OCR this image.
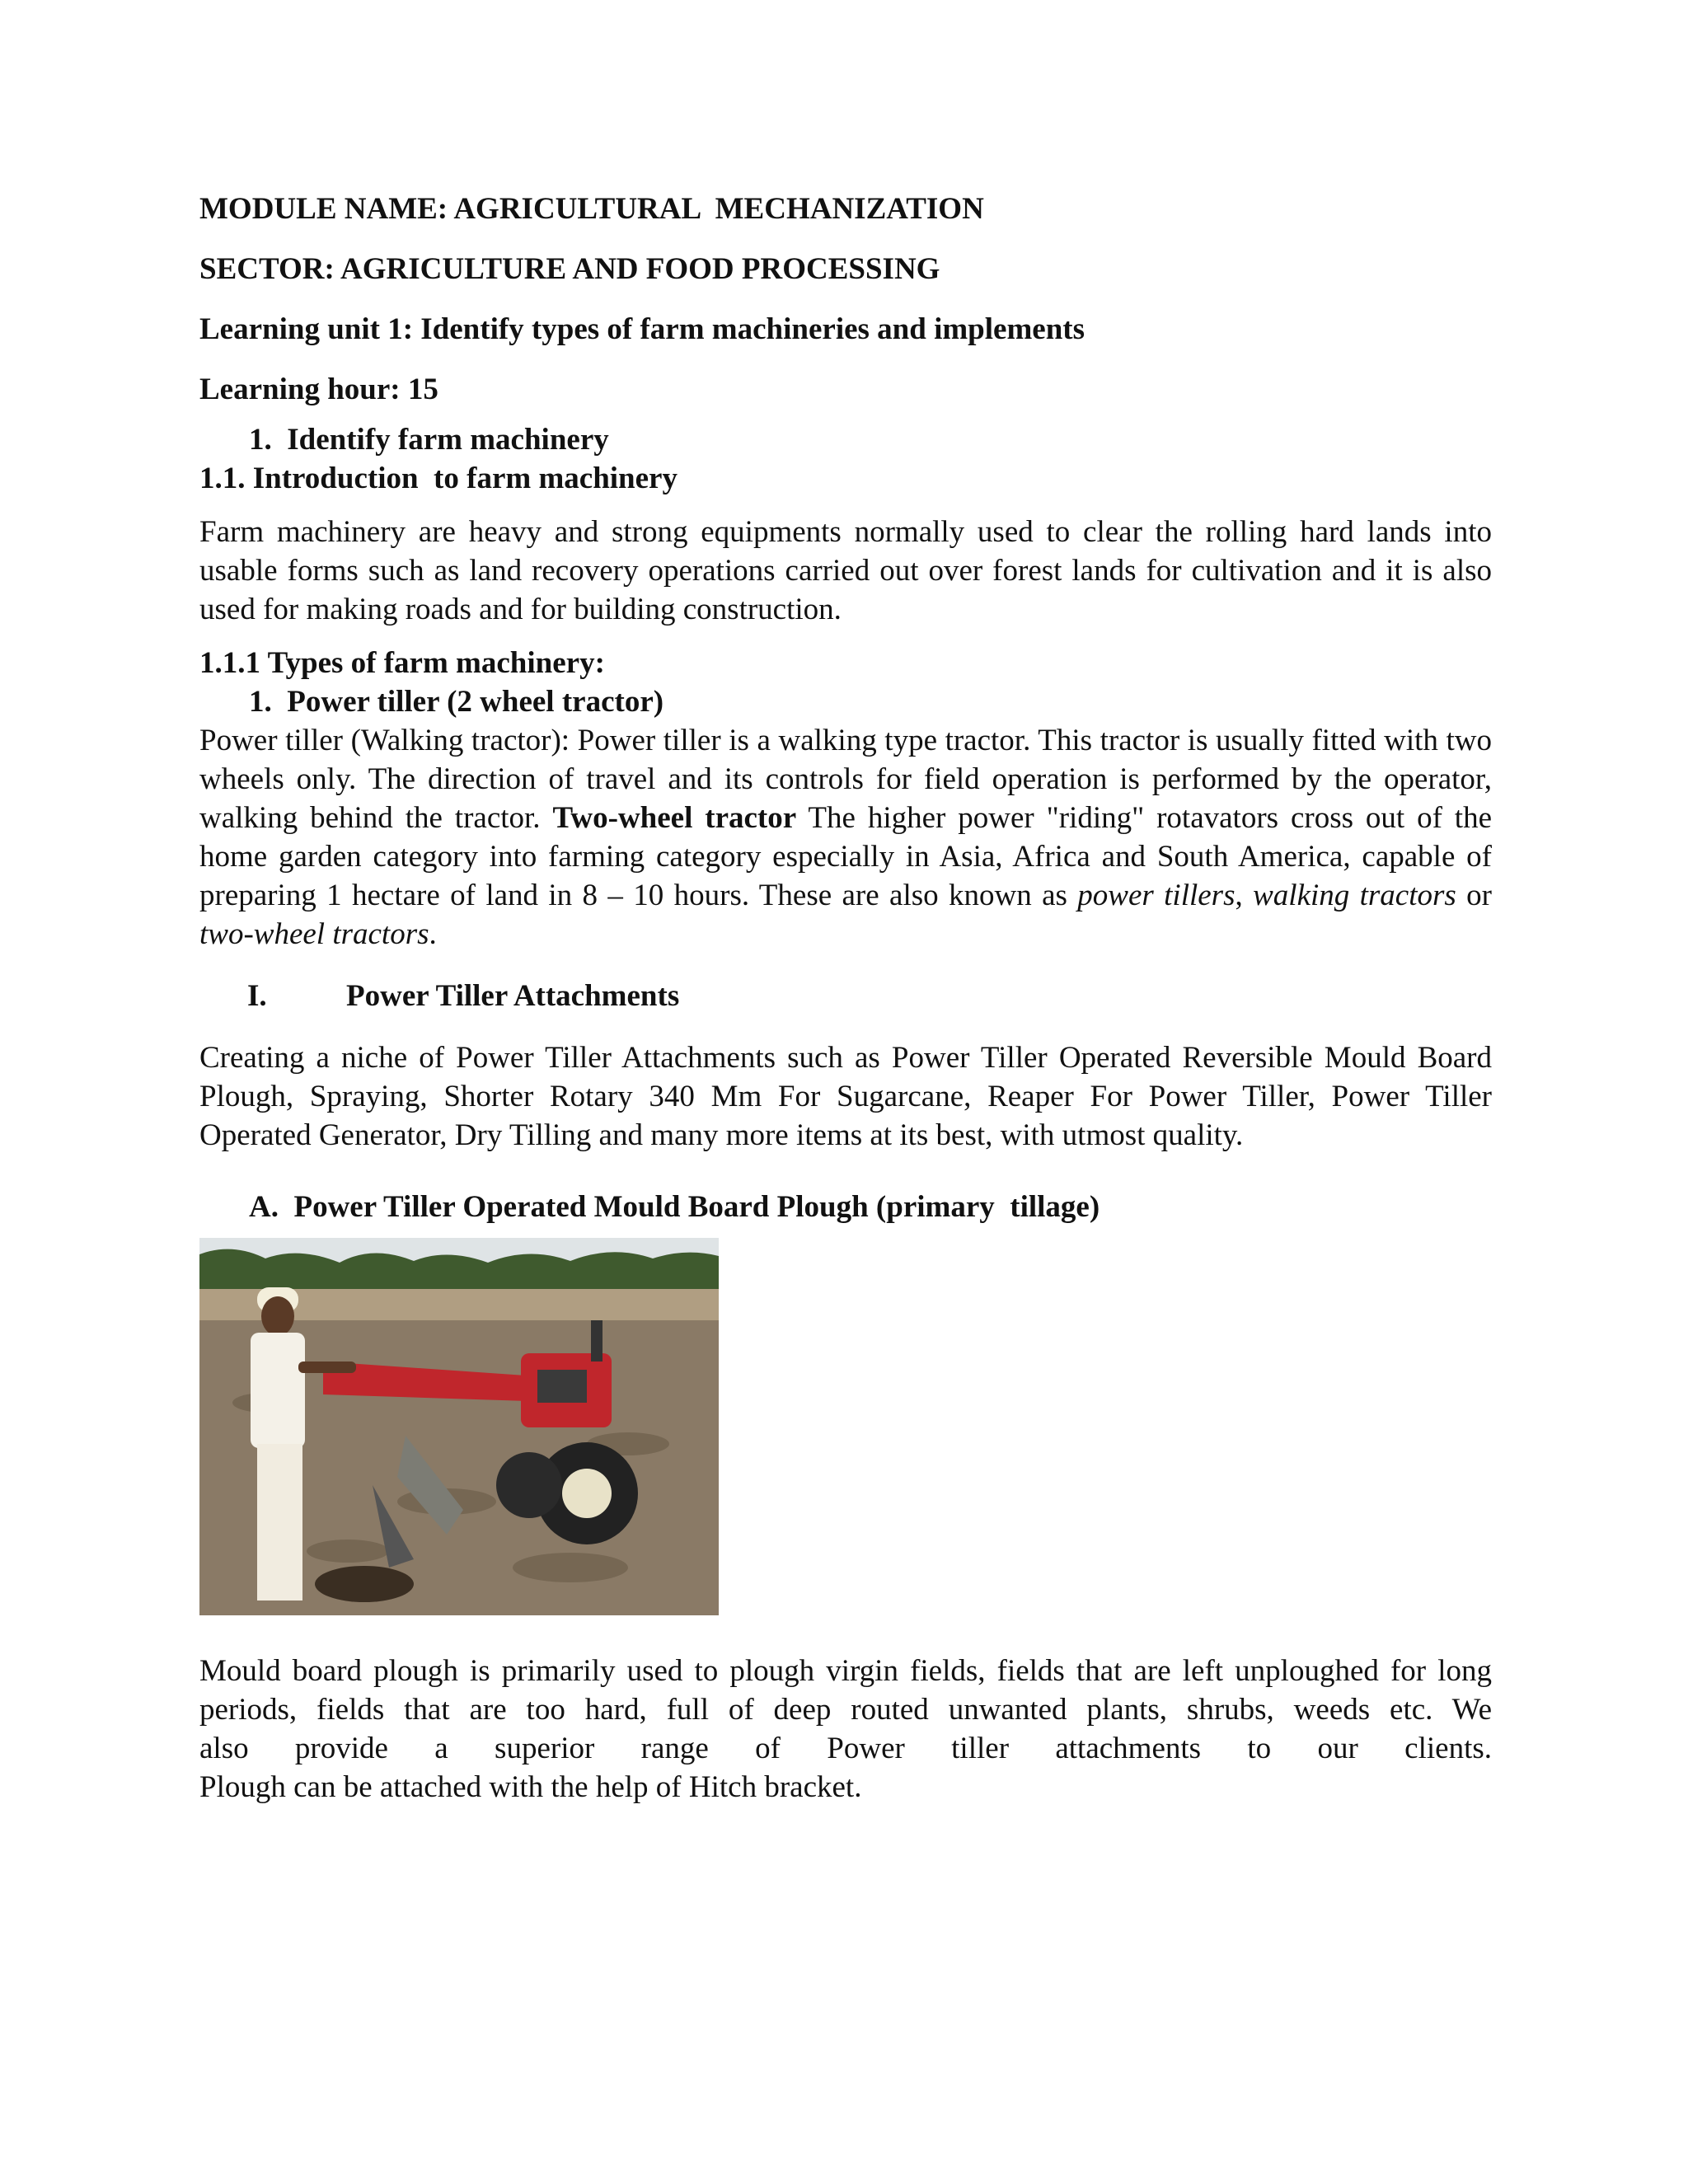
MODULE NAME: AGRICULTURAL  MECHANIZATION

SECTOR: AGRICULTURE AND FOOD PROCESSING

Learning unit 1: Identify types of farm machineries and implements

Learning hour: 15

1.  Identify farm machinery

1.1. Introduction  to farm machinery

Farm machinery are heavy and strong equipments normally used to clear the rolling hard lands into usable forms such as land recovery operations carried out over forest lands for cultivation and it is also used for making roads and for building construction.

1.1.1 Types of farm machinery:

1.  Power tiller (2 wheel tractor)

Power tiller (Walking tractor): Power tiller is a walking type tractor. This tractor is usually fitted with two wheels only. The direction of travel and its controls for field operation is performed by the operator, walking behind the tractor. Two-wheel tractor The higher power "riding" rotavators cross out of the home garden category into farming category especially in Asia, Africa and South America, capable of preparing 1 hectare of land in 8 – 10 hours. These are also known as power tillers, walking tractors or two-wheel tractors.

I.	Power Tiller Attachments

Creating a niche of Power Tiller Attachments such as Power Tiller Operated Reversible Mould Board Plough, Spraying, Shorter Rotary 340 Mm For Sugarcane, Reaper For Power Tiller, Power Tiller Operated Generator, Dry Tilling and many more items at its best, with utmost quality.

A.  Power Tiller Operated Mould Board Plough (primary  tillage)

Mould board plough is primarily used to plough virgin fields, fields that are left unploughed for long periods, fields that are too hard, full of deep routed unwanted plants, shrubs, weeds etc. We

also provide a superior range of Power tiller attachments to our clients.

Plough can be attached with the help of Hitch bracket.
